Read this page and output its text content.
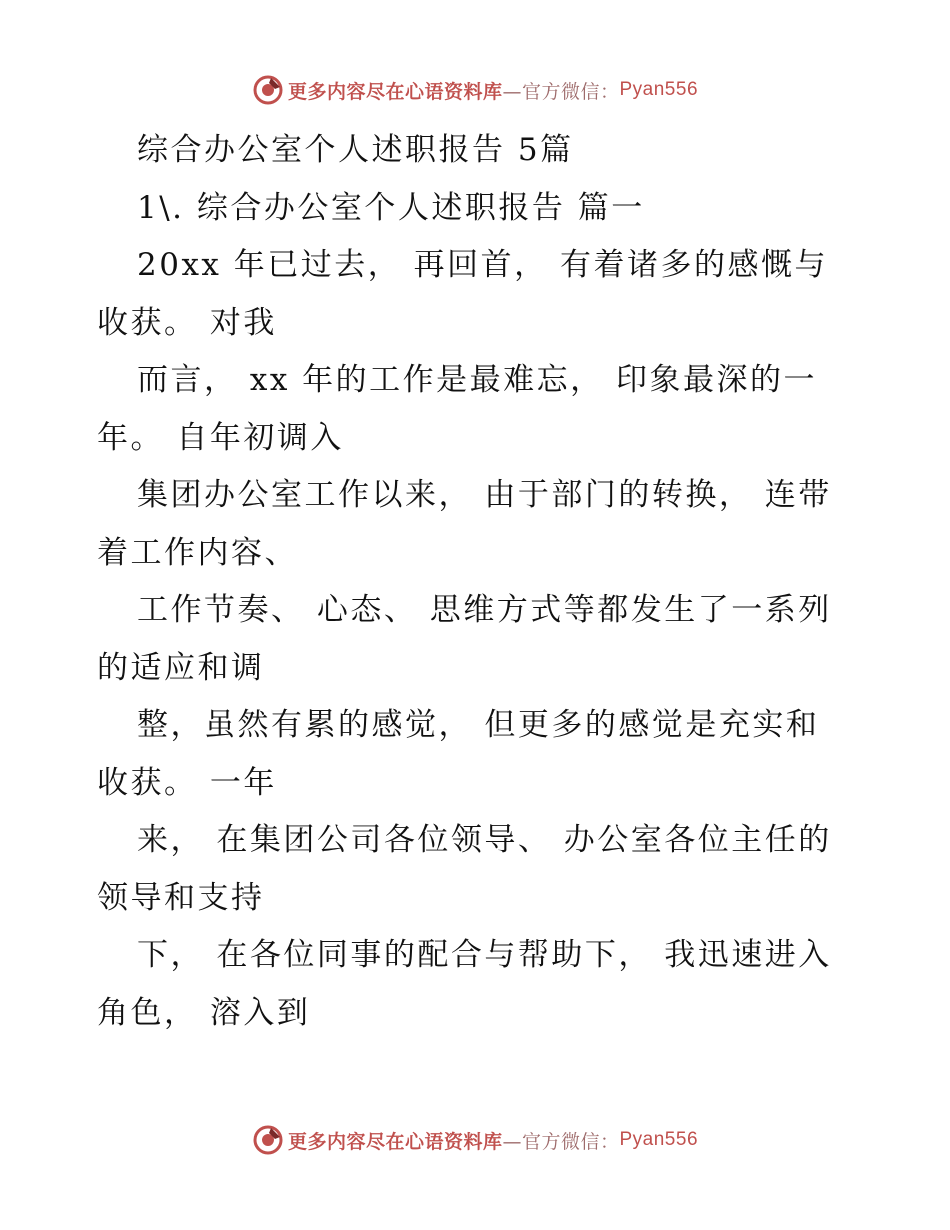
更多内容尽在心语资料库 —官方微信： Pyan556
综合办公室个人述职报告 5篇
1\. 综合办公室个人述职报告 篇一
20xx 年已过去， 再回首， 有着诸多的感慨与
收获。 对我
而言， xx 年的工作是最难忘， 印象最深的一
年。 自年初调入
集团办公室工作以来， 由于部门的转换， 连带
着工作内容、
工作节奏、 心态、 思维方式等都发生了一系列
的适应和调
整，虽然有累的感觉， 但更多的感觉是充实和
收获。 一年
来， 在集团公司各位领导、 办公室各位主任的
领导和支持
下， 在各位同事的配合与帮助下， 我迅速进入
角色， 溶入到
更多内容尽在心语资料库 —官方微信： Pyan556
